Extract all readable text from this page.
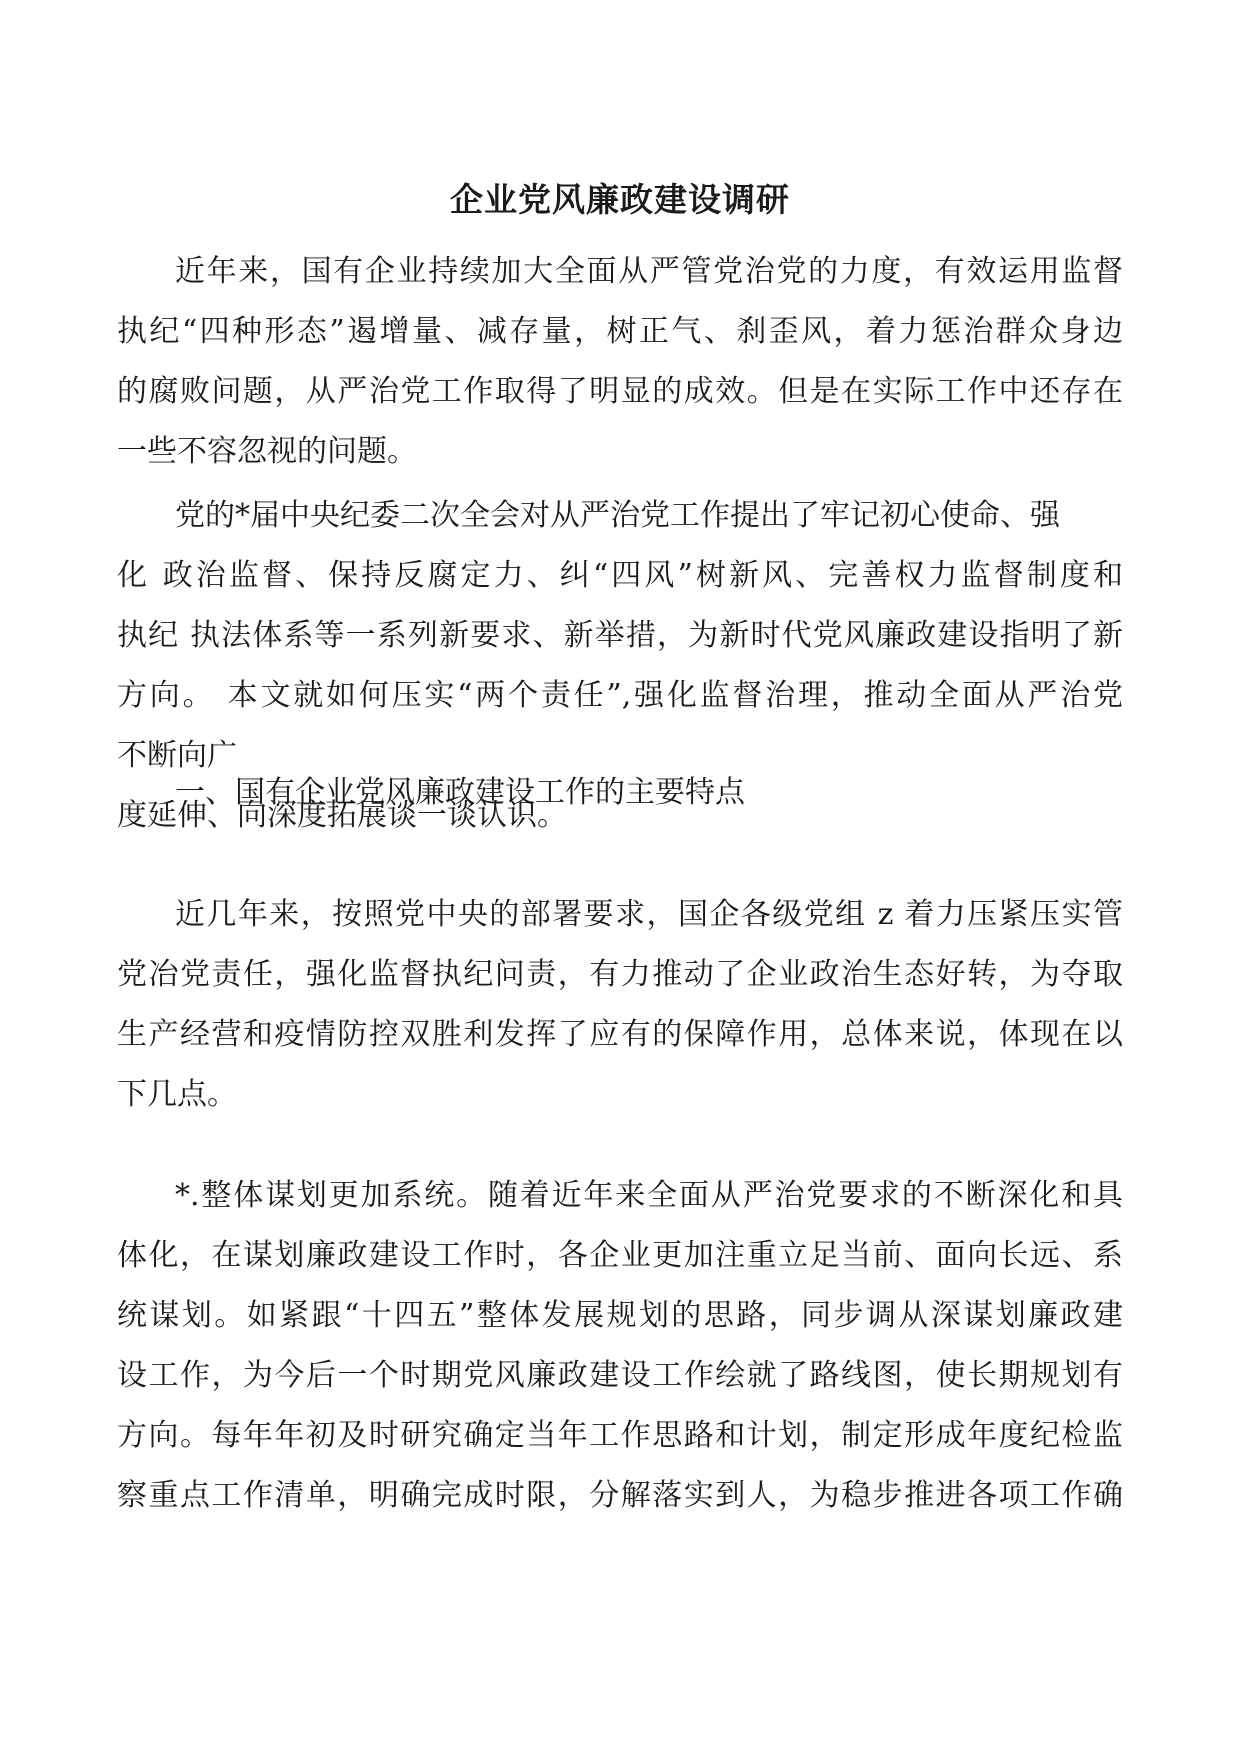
企业党风廉政建设调研
近年来，国有企业持续加大全面从严管党治党的力度，有效运用监督
执纪“四种形态”遏增量、减存量，树正气、刹歪风，着力惩治群众身边
的腐败问题，从严治党工作取得了明显的成效。但是在实际工作中还存在
一些不容忽视的问题。
党的*届中央纪委二次全会对从严治党工作提出了牢记初心使命、强
化 政治监督、保持反腐定力、纠“四风”树新风、完善权力监督制度和
执纪 执法体系等一系列新要求、新举措，为新时代党风廉政建设指明了新
方向。 本文就如何压实“两个责任”,强化监督治理，推动全面从严治党
不断向广
度延伸、向深度拓展谈一谈认识。
一、国有企业党风廉政建设工作的主要特点
近几年来，按照党中央的部署要求，国企各级党组 z 着力压紧压实管
党冶党责任，强化监督执纪问责，有力推动了企业政治生态好转，为夺取
生产经营和疫情防控双胜利发挥了应有的保障作用，总体来说，体现在以
下几点。
*.整体谋划更加系统。随着近年来全面从严治党要求的不断深化和具
体化，在谋划廉政建设工作时，各企业更加注重立足当前、面向长远、系
统谋划。如紧跟“十四五”整体发展规划的思路，同步调从深谋划廉政建
设工作，为今后一个时期党风廉政建设工作绘就了路线图，使长期规划有
方向。每年年初及时研究确定当年工作思路和计划，制定形成年度纪检监
察重点工作清单，明确完成时限，分解落实到人，为稳步推进各项工作确
